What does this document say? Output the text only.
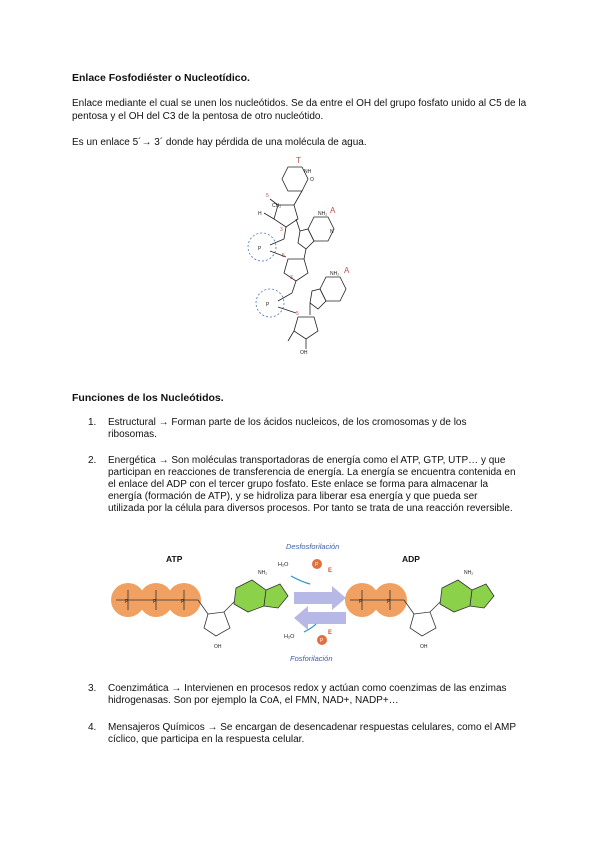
Enlace Fosfodiéster o Nucleotídico.
Enlace mediante el cual se unen los nucleótidos. Se da entre el OH del grupo fosfato unido al C5 de la pentosa y el OH del C3 de la pentosa de otro nucleótido.
Es un enlace 5´→ 3´ donde hay pérdida de una molécula de agua.
T
A
A
5
3
5
3
5
P
P
OH
O
NH
NH₂
NH₂
N
CH₂
H
Funciones de los Nucleótidos.
1. Estructural → Forman parte de los ácidos nucleicos, de los cromosomas y de los ribosomas.
2. Energética → Son moléculas transportadoras de energía como el ATP, GTP, UTP… y que participan en reacciones de transferencia de energía. La energía se encuentra contenida en el enlace del ADP con el tercer grupo fosfato. Este enlace se forma para almacenar la energía (formación de ATP), y se hidroliza para liberar esa energía y que pueda ser utilizada por la célula para diversos procesos. Por tanto se trata de una reacción reversible.
3. Coenzimática → Intervienen en procesos redox y actúan como coenzimas de las enzimas hidrogenasas. Son por ejemplo la CoA, el FMN, NAD+, NADP+…
4. Mensajeros Químicos → Se encargan de desencadenar respuestas celulares, como el AMP cíclico, que participa en la respuesta celular.
ATP
NH₂
OH
P	P	P
Desfosforilación
H₂O	P
E
H₂O
P
E
Fosforilación
ADP
NH₂
OH
P	P
